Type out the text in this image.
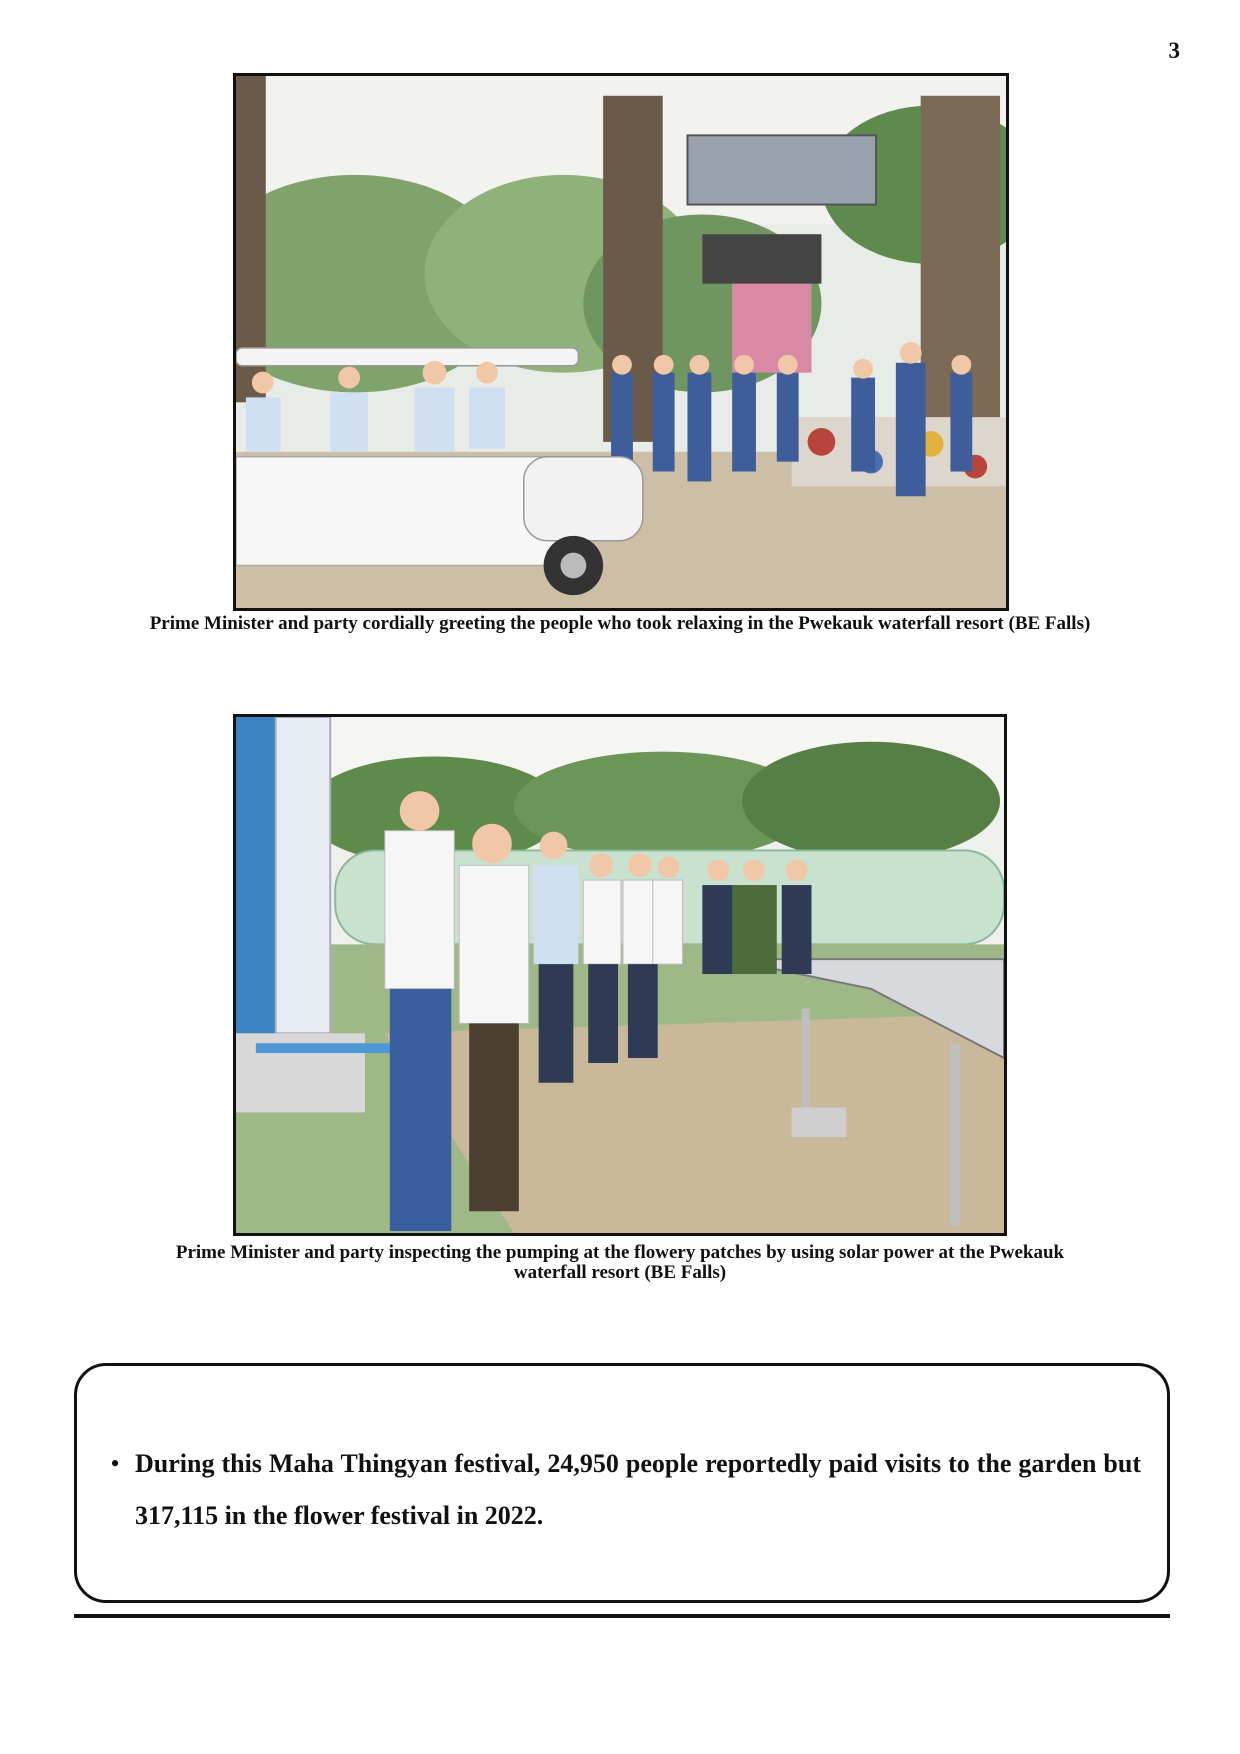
3
Prime Minister and party cordially greeting the people who took relaxing in the Pwekauk waterfall resort (BE Falls)
Prime Minister and party inspecting the pumping at the flowery patches by using solar power at the Pwekauk waterfall resort (BE Falls)
• During this Maha Thingyan festival, 24,950 people reportedly paid visits to the garden but 317,115 in the flower festival in 2022.
